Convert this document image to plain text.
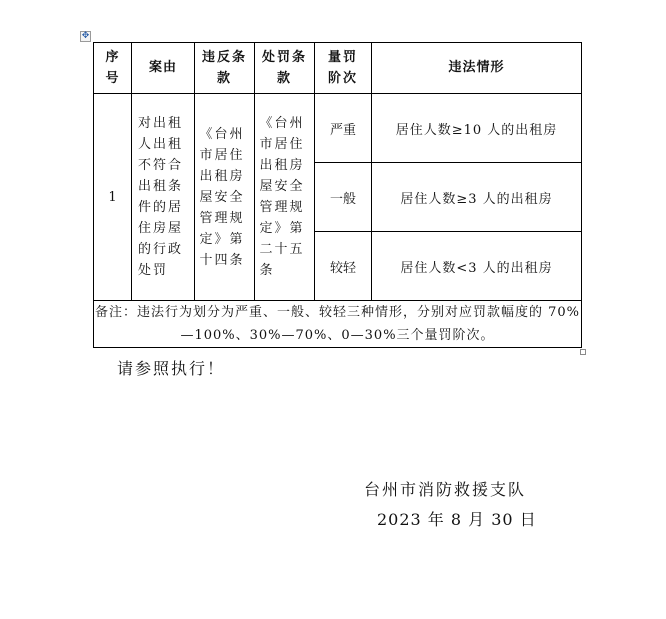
✥
序号	案由	违反条款	处罚条款	量罚阶次	违法情形
1	对出租人出租不符合出租条件的居住房屋的行政处罚	《台州市居住出租房屋安全管理规定》第十四条	《台州市居住出租房屋安全管理规定》第二十五条	严重	居住人数≥10 人的出租房
				一般	居住人数≥3 人的出租房
				较轻	居住人数<3 人的出租房
备注：违法行为划分为严重、一般、较轻三种情形，分别对应罚款幅度的 70%—100%、30%—70%、0—30%三个量罚阶次。					
请参照执行！
台州市消防救援支队
2023 年 8 月 30 日
